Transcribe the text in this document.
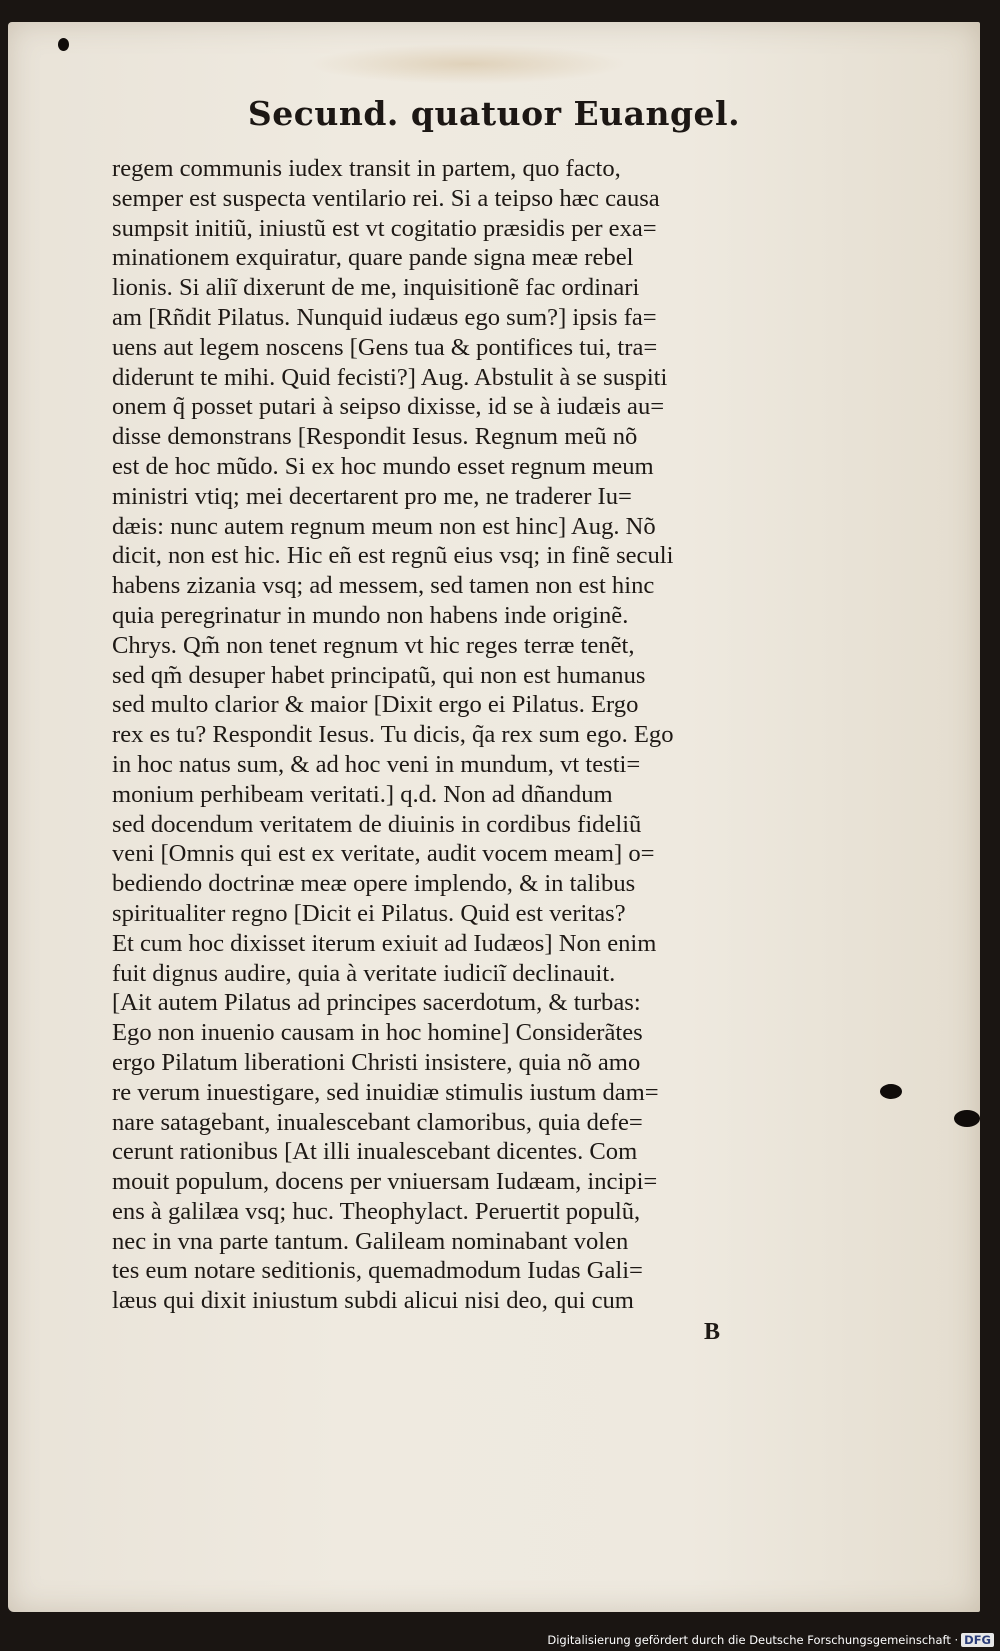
Secund. quatuor Euangel.
regem communis iudex transit in partem, quo facto,
semper est suspecta ventilario rei. Si a teipso hæc causa
sumpsit initiũ, iniustũ est vt cogitatio præsidis per exa=
minationem exquiratur, quare pande signa meæ rebel
lionis. Si aliĩ dixerunt de me, inquisitionẽ fac ordinari
am [Rñdit Pilatus. Nunquid iudæus ego sum?] ipsis fa=
uens aut legem noscens [Gens tua & pontifices tui, tra=
diderunt te mihi. Quid fecisti?] Aug. Abstulit à se suspiti
onem q̃ posset putari à seipso dixisse, id se à iudæis au=
disse demonstrans [Respondit Iesus. Regnum meũ nõ
est de hoc mũdo. Si ex hoc mundo esset regnum meum
ministri vtiq; mei decertarent pro me, ne traderer Iu=
dæis: nunc autem regnum meum non est hinc] Aug. Nõ
dicit, non est hic. Hic eñ est regnũ eius vsq; in finẽ seculi
habens zizania vsq; ad messem, sed tamen non est hinc
quia peregrinatur in mundo non habens inde originẽ.
Chrys. Qm̃ non tenet regnum vt hic reges terræ tenẽt,
sed qm̃ desuper habet principatũ, qui non est humanus
sed multo clarior & maior [Dixit ergo ei Pilatus. Ergo
rex es tu? Respondit Iesus. Tu dicis, q̃a rex sum ego. Ego
in hoc natus sum, & ad hoc veni in mundum, vt testi=
monium perhibeam veritati.] q.d. Non ad dñandum
sed docendum veritatem de diuinis in cordibus fideliũ
veni [Omnis qui est ex veritate, audit vocem meam] o=
bediendo doctrinæ meæ opere implendo, & in talibus
spiritualiter regno [Dicit ei Pilatus. Quid est veritas?
Et cum hoc dixisset iterum exiuit ad Iudæos] Non enim
fuit dignus audire, quia à veritate iudiciĩ declinauit.
[Ait autem Pilatus ad principes sacerdotum, & turbas:
Ego non inuenio causam in hoc homine] Considerãtes
ergo Pilatum liberationi Christi insistere, quia nõ amo
re verum inuestigare, sed inuidiæ stimulis iustum dam=
nare satagebant, inualescebant clamoribus, quia defe=
cerunt rationibus [At illi inualescebant dicentes. Com
mouit populum, docens per vniuersam Iudæam, incipi=
ens à galilæa vsq; huc. Theophylact. Peruertit populũ,
nec in vna parte tantum. Galileam nominabant volen
tes eum notare seditionis, quemadmodum Iudas Gali=
læus qui dixit iniustum subdi alicui nisi deo, qui cum
B
Digitalisierung gefördert durch die Deutsche Forschungsgemeinschaft · DFG
